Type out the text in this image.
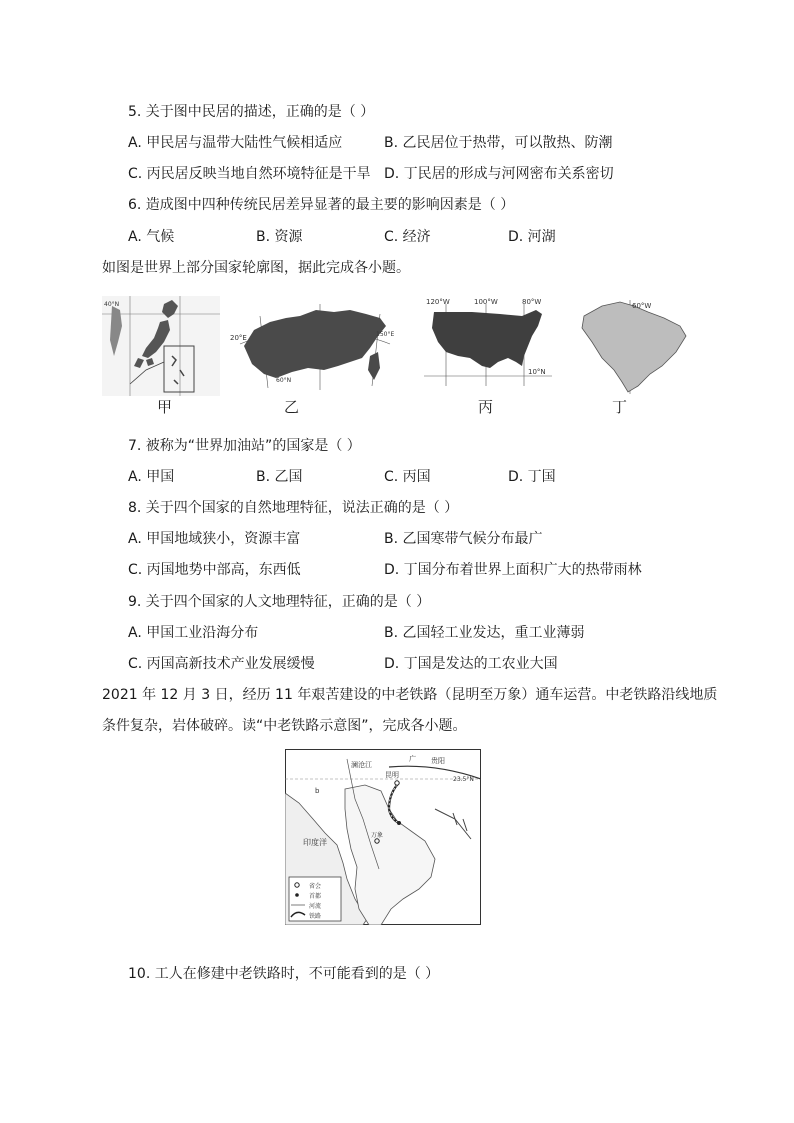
5. 关于图中民居的描述，正确的是（ ）
A. 甲民居与温带大陆性气候相适应	B. 乙民居位于热带，可以散热、防潮
C. 丙民居反映当地自然环境特征是干旱 D. 丁民居的形成与河网密布关系密切
6. 造成图中四种传统民居差异显著的最主要的影响因素是（ ）
A. 气候	B. 资源	C. 经济	D. 河湖
如图是世界上部分国家轮廓图，据此完成各小题。
40°N
20°E	150°E
60°N
120°W	100°W	80°W
10°N
60°W
甲	乙	丙	丁
7. 被称为“世界加油站”的国家是（ ）
A. 甲国	B. 乙国	C. 丙国	D. 丁国
8. 关于四个国家的自然地理特征，说法正确的是（ ）
A. 甲国地域狭小，资源丰富	B. 乙国寒带气候分布最广
C. 丙国地势中部高，东西低	D. 丁国分布着世界上面积广大的热带雨林
9. 关于四个国家的人文地理特征，正确的是（ ）
A. 甲国工业沿海分布	B. 乙国轻工业发达，重工业薄弱
C. 丙国高新技术产业发展缓慢	D. 丁国是发达的工农业大国
2021 年 12 月 3 日，经历 11 年艰苦建设的中老铁路（昆明至万象）通车运营。中老铁路沿线地质
条件复杂，岩体破碎。读“中老铁路示意图”，完成各小题。
澜沧江
昆明
广 贵阳
23.5°N
b
万象
印度洋
省会
首都
河流
铁路
10. 工人在修建中老铁路时，不可能看到的是（ ）
